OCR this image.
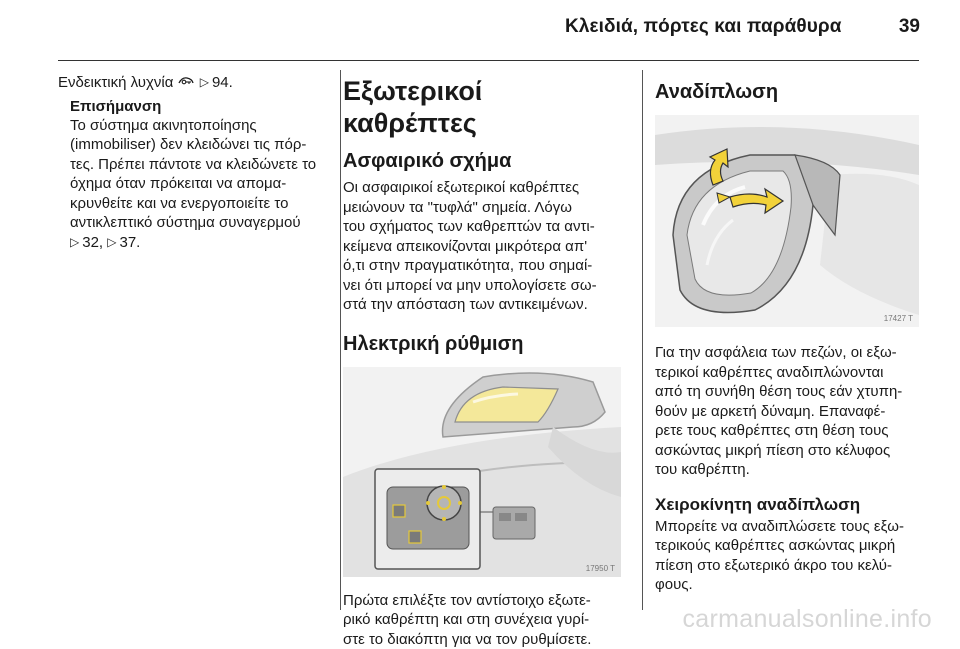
Κλειδιά, πόρτες και παράθυρα	39

Ενδεικτική λυχνία ▷ 94.

Επισήμανση

Το σύστημα ακινητοποίησης

(immobiliser) δεν κλειδώνει τις πόρ-

τες. Πρέπει πάντοτε να κλειδώνετε το

όχημα όταν πρόκειται να απομα-

κρυνθείτε και να ενεργοποιείτε το

αντικλεπτικό σύστημα συναγερμού

▷ 32, ▷ 37.

Εξωτερικοί καθρέπτες
Ασφαιρικό σχήμα

Οι ασφαιρικοί εξωτερικοί καθρέπτες

μειώνουν τα "τυφλά" σημεία. Λόγω

του σχήματος των καθρεπτών τα αντι-

κείμενα απεικονίζονται μικρότερα απ'

ό,τι στην πραγματικότητα, που σημαί-

νει ότι μπορεί να μην υπολογίσετε σω-

στά την απόσταση των αντικειμένων.

Ηλεκτρική ρύθμιση
17950 T

Πρώτα επιλέξτε τον αντίστοιχο εξωτε-

ρικό καθρέπτη και στη συνέχεια γυρί-

στε το διακόπτη για να τον ρυθμίσετε.

Αναδίπλωση
17427 T

Για την ασφάλεια των πεζών, οι εξω-

τερικοί καθρέπτες αναδιπλώνονται

από τη συνήθη θέση τους εάν χτυπη-

θούν με αρκετή δύναμη. Επαναφέ-

ρετε τους καθρέπτες στη θέση τους

ασκώντας μικρή πίεση στο κέλυφος

του καθρέπτη.

Χειροκίνητη αναδίπλωση

Μπορείτε να αναδιπλώσετε τους εξω-

τερικούς καθρέπτες ασκώντας μικρή

πίεση στο εξωτερικό άκρο του κελύ-

φους.

carmanualsonline.info
